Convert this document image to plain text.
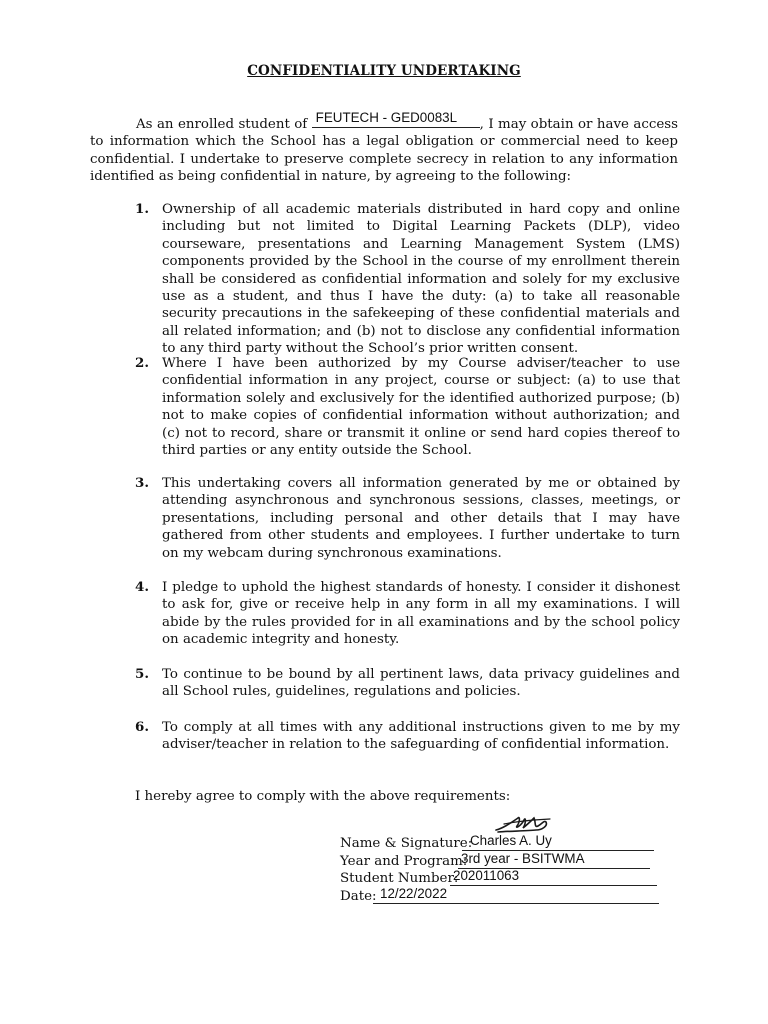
CONFIDENTIALITY UNDERTAKING
As an enrolled student of FEUTECH - GED0083L , I may obtain or have access to information which the School has a legal obligation or commercial need to keep confidential. I undertake to preserve complete secrecy in relation to any information identified as being confidential in nature, by agreeing to the following:
1. Ownership of all academic materials distributed in hard copy and online including but not limited to Digital Learning Packets (DLP), video courseware, presentations and Learning Management System (LMS) components provided by the School in the course of my enrollment therein shall be considered as confidential information and solely for my exclusive use as a student, and thus I have the duty: (a) to take all reasonable security precautions in the safekeeping of these confidential materials and all related information; and (b) not to disclose any confidential information to any third party without the School’s prior written consent.
2. Where I have been authorized by my Course adviser/teacher to use confidential information in any project, course or subject: (a) to use that information solely and exclusively for the identified authorized purpose; (b) not to make copies of confidential information without authorization; and (c) not to record, share or transmit it online or send hard copies thereof to third parties or any entity outside the School.
3. This undertaking covers all information generated by me or obtained by attending asynchronous and synchronous sessions, classes, meetings, or presentations, including personal and other details that I may have gathered from other students and employees. I further undertake to turn on my webcam during synchronous examinations.
4. I pledge to uphold the highest standards of honesty. I consider it dishonest to ask for, give or receive help in any form in all my examinations. I will abide by the rules provided for in all examinations and by the school policy on academic integrity and honesty.
5. To continue to be bound by all pertinent laws, data privacy guidelines and all School rules, guidelines, regulations and policies.
6. To comply at all times with any additional instructions given to me by my adviser/teacher in relation to the safeguarding of confidential information.
I hereby agree to comply with the above requirements:
Name & Signature:
Charles A. Uy
Year and Program:
3rd year - BSITWMA
Student Number:
202011063
Date: 12/22/2022
